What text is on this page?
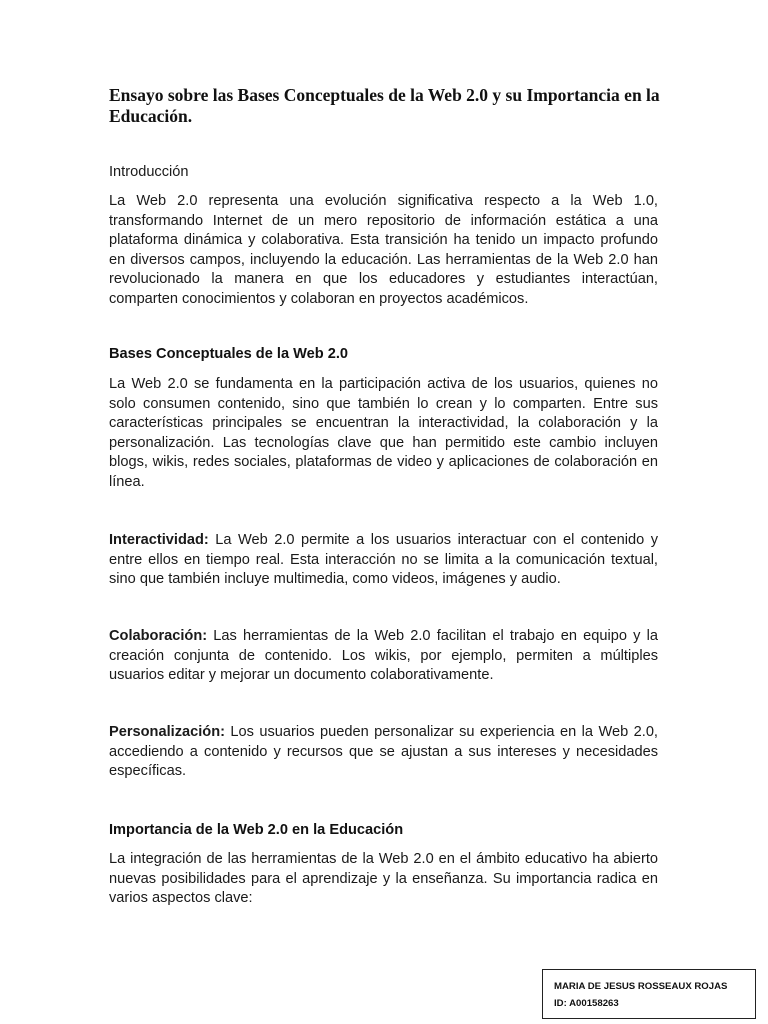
Ensayo sobre las Bases Conceptuales de la Web 2.0 y su Importancia en la Educación.
Introducción
La Web 2.0 representa una evolución significativa respecto a la Web 1.0, transformando Internet de un mero repositorio de información estática a una plataforma dinámica y colaborativa. Esta transición ha tenido un impacto profundo en diversos campos, incluyendo la educación. Las herramientas de la Web 2.0 han revolucionado la manera en que los educadores y estudiantes interactúan, comparten conocimientos y colaboran en proyectos académicos.
Bases Conceptuales de la Web 2.0
La Web 2.0 se fundamenta en la participación activa de los usuarios, quienes no solo consumen contenido, sino que también lo crean y lo comparten. Entre sus características principales se encuentran la interactividad, la colaboración y la personalización. Las tecnologías clave que han permitido este cambio incluyen blogs, wikis, redes sociales, plataformas de video y aplicaciones de colaboración en línea.
Interactividad: La Web 2.0 permite a los usuarios interactuar con el contenido y entre ellos en tiempo real. Esta interacción no se limita a la comunicación textual, sino que también incluye multimedia, como videos, imágenes y audio.
Colaboración: Las herramientas de la Web 2.0 facilitan el trabajo en equipo y la creación conjunta de contenido. Los wikis, por ejemplo, permiten a múltiples usuarios editar y mejorar un documento colaborativamente.
Personalización: Los usuarios pueden personalizar su experiencia en la Web 2.0, accediendo a contenido y recursos que se ajustan a sus intereses y necesidades específicas.
Importancia de la Web 2.0 en la Educación
La integración de las herramientas de la Web 2.0 en el ámbito educativo ha abierto nuevas posibilidades para el aprendizaje y la enseñanza. Su importancia radica en varios aspectos clave:
MARIA DE JESUS ROSSEAUX ROJAS
ID: A00158263
